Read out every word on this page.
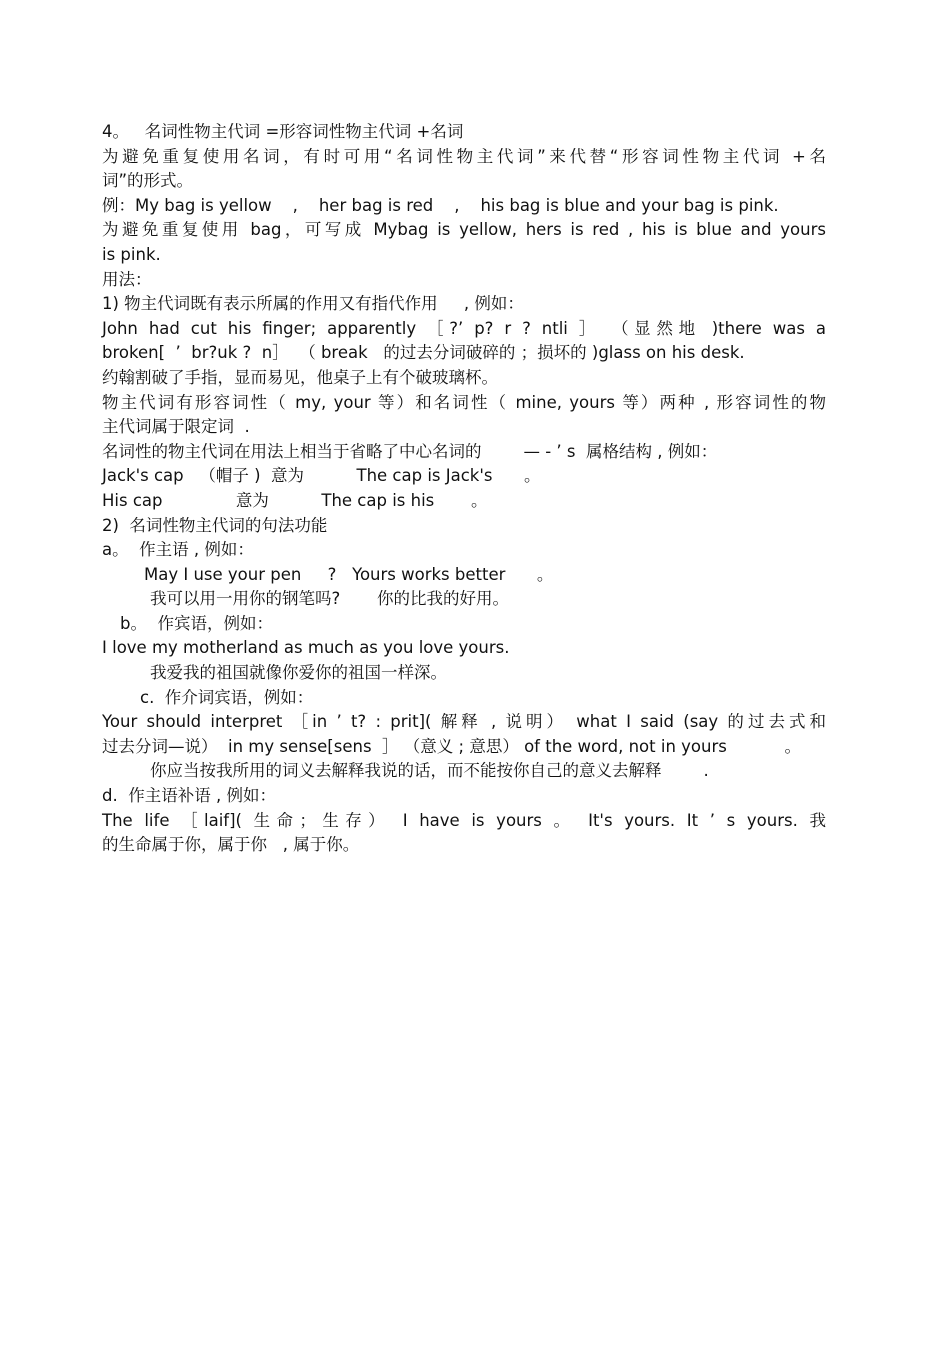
4。   名词性物主代词 =形容词性物主代词 +名词
为避免重复使用名词，有时可用“名词性物主代词”来代替“形容词性物主代词 +名
词”的形式。
例：My bag is yellow    ,    her bag is red    ,    his bag is blue and your bag is pink.
为避免重复使用 bag，可写成 Mybag is yellow, hers is red , his is blue and yours
is pink.
用法：
1) 物主代词既有表示所属的作用又有指代作用     , 例如：
John had cut his finger; apparently ［?’ p? r ? ntli ］ （显然地 )there was a
broken[  ’  br?uk ?  n］  （ break   的过去分词破碎的 ；损坏的 )glass on his desk.
约翰割破了手指，显而易见，他桌子上有个破玻璃杯。
物主代词有形容词性（ my, your 等）和名词性（ mine, yours 等）两种 , 形容词性的物
主代词属于限定词  .
名词性的物主代词在用法上相当于省略了中心名词的        — - ’ s  属格结构 , 例如：
Jack's cap   （帽子 )  意为          The cap is Jack's      。
His cap              意为          The cap is his       。
2)  名词性物主代词的句法功能
a。  作主语 , 例如：
May I use your pen     ?   Yours works better      。
我可以用一用你的钢笔吗?       你的比我的好用。
b。  作宾语，例如：
I love my motherland as much as you love yours.
我爱我的祖国就像你爱你的祖国一样深。
c.  作介词宾语，例如：
Your should interpret ［in ’ t? : prit]( 解释 , 说明） what I said (say 的过去式和
过去分词—说）  in my sense[sens  ］ （意义 ; 意思） of the word, not in yours           。
你应当按我所用的词义去解释我说的话，而不能按你自己的意义去解释        .
d.  作主语补语 , 例如：
The life ［laif]( 生命；生存） I have is yours 。 It's yours. It ’ s yours. 我
的生命属于你，属于你   , 属于你。
